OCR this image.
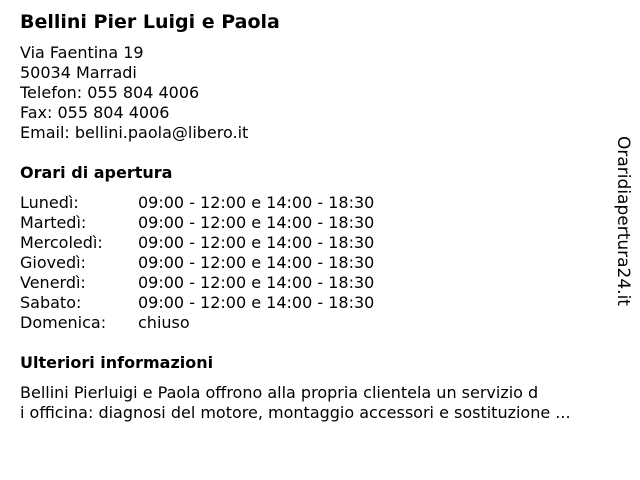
Bellini Pier Luigi e Paola
Via Faentina 19
50034 Marradi
Telefon: 055 804 4006
Fax: 055 804 4006
Email: bellini.paola@libero.it
Orari di apertura
Lunedì:	09:00 - 12:00 e 14:00 - 18:30
Martedì:	09:00 - 12:00 e 14:00 - 18:30
Mercoledì: 09:00 - 12:00 e 14:00 - 18:30
Giovedì:	09:00 - 12:00 e 14:00 - 18:30
Venerdì:	09:00 - 12:00 e 14:00 - 18:30
Sabato:	09:00 - 12:00 e 14:00 - 18:30
Domenica: chiuso
Ulteriori informazioni
Bellini Pierluigi e Paola offrono alla propria clientela un servizio d
i officina: diagnosi del motore, montaggio accessori e sostituzione ...
Oraridiapertura24.it
